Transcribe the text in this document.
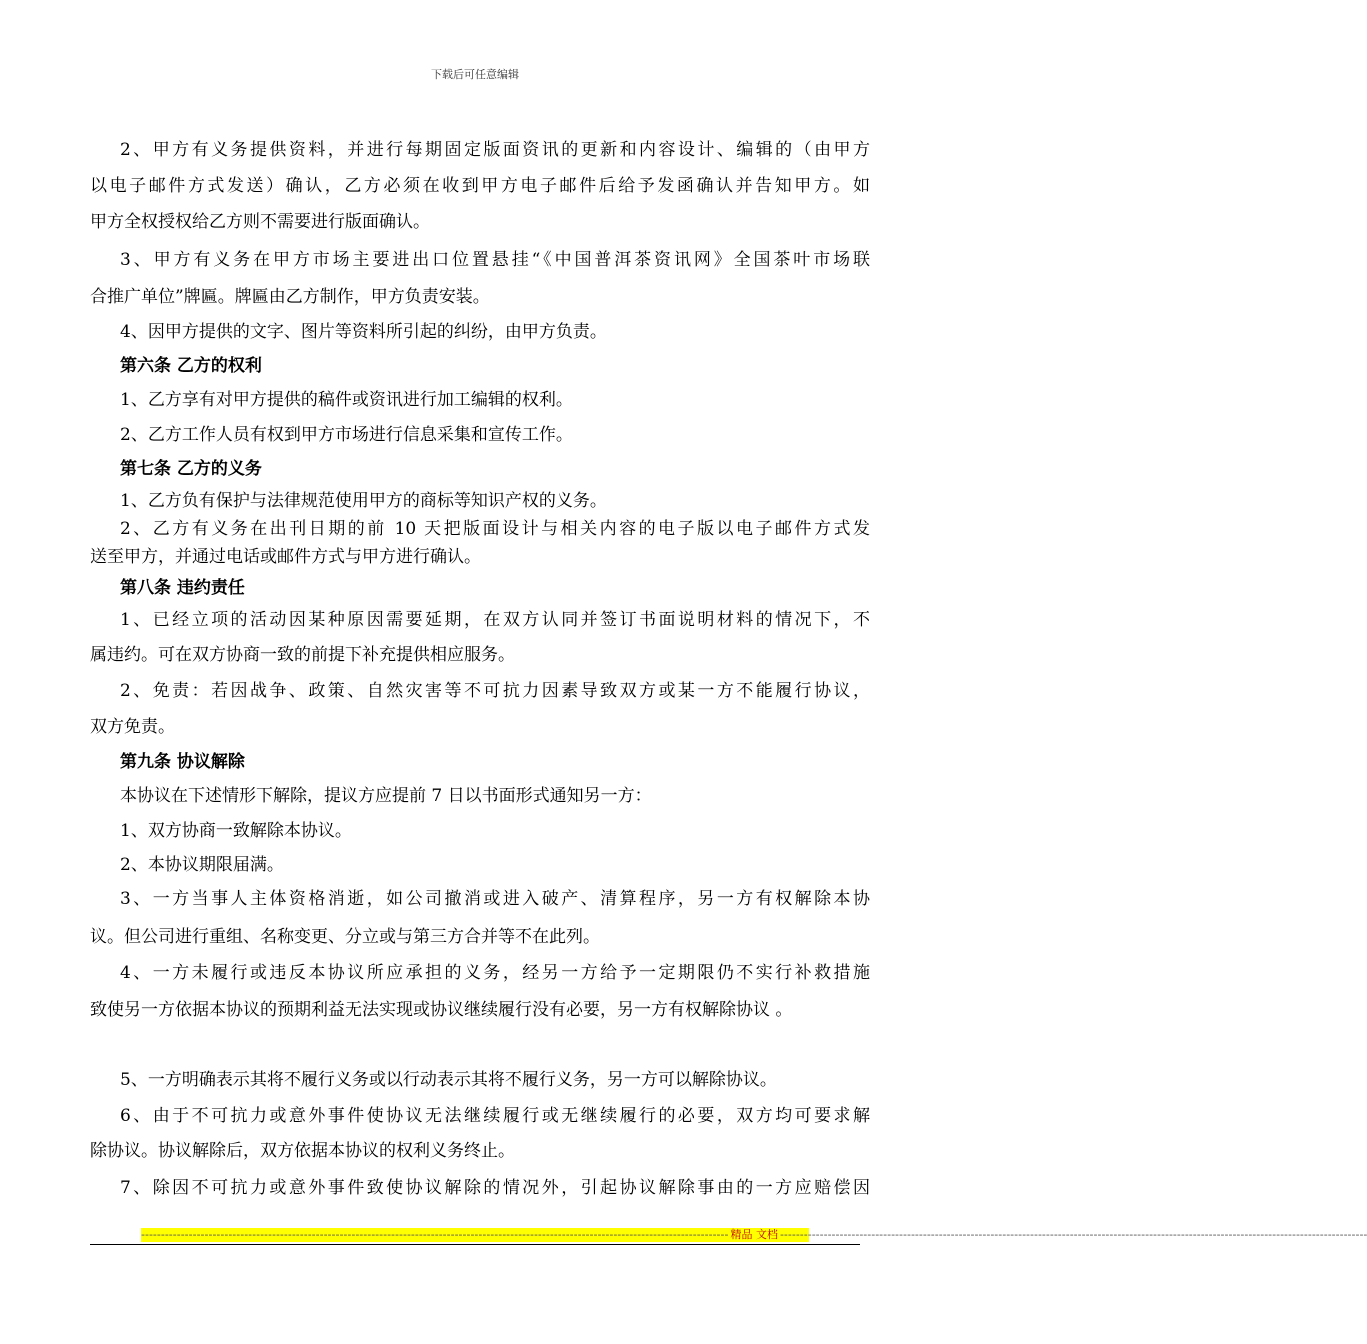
下载后可任意编辑
2、甲方有义务提供资料，并进行每期固定版面资讯的更新和内容设计、编辑的（由甲方
以电子邮件方式发送）确认，乙方必须在收到甲方电子邮件后给予发函确认并告知甲方。如
甲方全权授权给乙方则不需要进行版面确认。
3、甲方有义务在甲方市场主要进出口位置悬挂“《中国普洱茶资讯网》全国茶叶市场联
合推广单位”牌匾。牌匾由乙方制作，甲方负责安装。
4、因甲方提供的文字、图片等资料所引起的纠纷，由甲方负责。
第六条 乙方的权利
1、乙方享有对甲方提供的稿件或资讯进行加工编辑的权利。
2、乙方工作人员有权到甲方市场进行信息采集和宣传工作。
第七条 乙方的义务
1、乙方负有保护与法律规范使用甲方的商标等知识产权的义务。
2、乙方有义务在出刊日期的前 10 天把版面设计与相关内容的电子版以电子邮件方式发
送至甲方，并通过电话或邮件方式与甲方进行确认。
第八条 违约责任
1、已经立项的活动因某种原因需要延期，在双方认同并签订书面说明材料的情况下，不
属违约。可在双方协商一致的前提下补充提供相应服务。
2、免责：若因战争、政策、自然灾害等不可抗力因素导致双方或某一方不能履行协议，
双方免责。
第九条 协议解除
本协议在下述情形下解除，提议方应提前 7 日以书面形式通知另一方：
1、双方协商一致解除本协议。
2、本协议期限届满。
3、一方当事人主体资格消逝，如公司撤消或进入破产、清算程序，另一方有权解除本协
议。但公司进行重组、名称变更、分立或与第三方合并等不在此列。
4、一方未履行或违反本协议所应承担的义务，经另一方给予一定期限仍不实行补救措施
致使另一方依据本协议的预期利益无法实现或协议继续履行没有必要，另一方有权解除协议 。
5、一方明确表示其将不履行义务或以行动表示其将不履行义务，另一方可以解除协议。
6、由于不可抗力或意外事件使协议无法继续履行或无继续履行的必要，双方均可要求解
除协议。协议解除后，双方依据本协议的权利义务终止。
7、除因不可抗力或意外事件致使协议解除的情况外，引起协议解除事由的一方应赔偿因
---------------------------------------------------------------------------------------------------------------------------------------------------- 精品 文档 ----------------------------------------------------------------------------------------------------------------------------------------------------
